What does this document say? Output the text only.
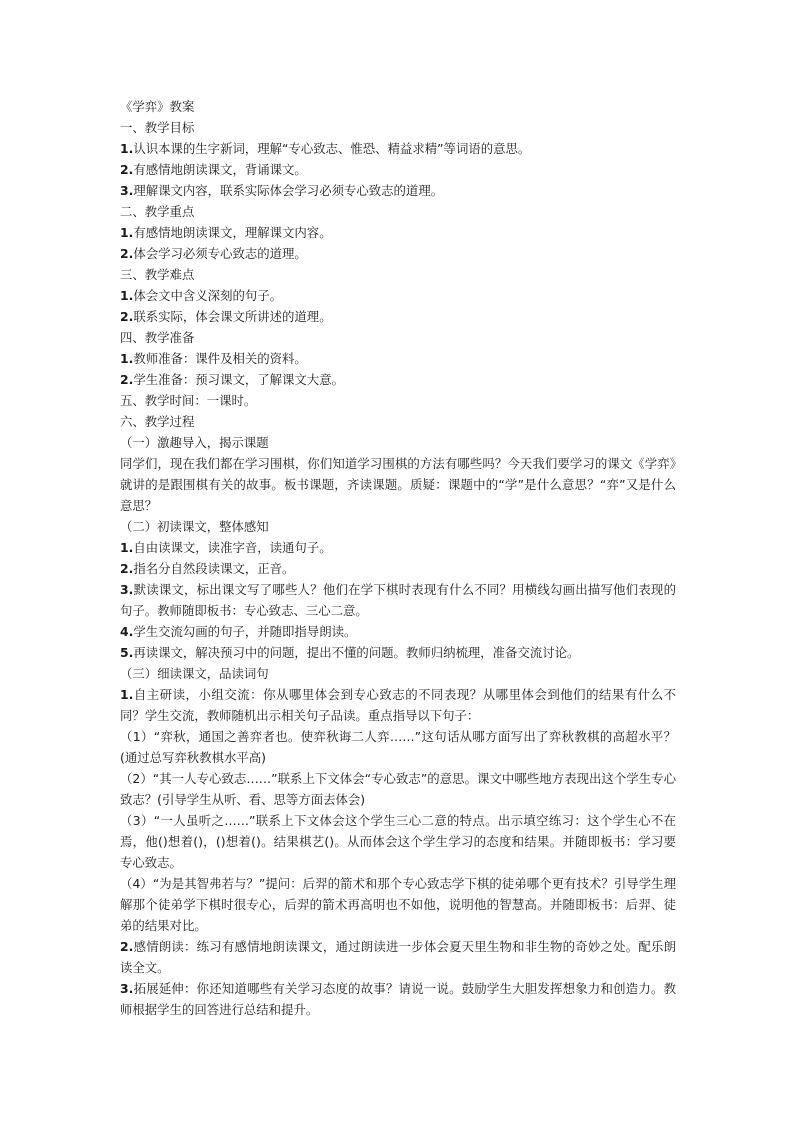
《学弈》教案

一、教学目标

1.认识本课的生字新词，理解“专心致志、惟恐、精益求精”等词语的意思。

2.有感情地朗读课文，背诵课文。

3.理解课文内容，联系实际体会学习必须专心致志的道理。

二、教学重点

1.有感情地朗读课文，理解课文内容。

2.体会学习必须专心致志的道理。

三、教学难点

1.体会文中含义深刻的句子。

2.联系实际，体会课文所讲述的道理。

四、教学准备

1.教师准备：课件及相关的资料。

2.学生准备：预习课文，了解课文大意。

五、教学时间：一课时。

六、教学过程

（一）激趣导入，揭示课题

同学们，现在我们都在学习围棋，你们知道学习围棋的方法有哪些吗？今天我们要学习的课文《学弈》就讲的是跟围棋有关的故事。板书课题，齐读课题。质疑：课题中的“学”是什么意思？“弈”又是什么意思？

（二）初读课文，整体感知

1.自由读课文，读准字音，读通句子。

2.指名分自然段读课文，正音。

3.默读课文，标出课文写了哪些人？他们在学下棋时表现有什么不同？用横线勾画出描写他们表现的句子。教师随即板书：专心致志、三心二意。

4.学生交流勾画的句子，并随即指导朗读。

5.再读课文，解决预习中的问题，提出不懂的问题。教师归纳梳理，准备交流讨论。

（三）细读课文，品读词句

1.自主研读，小组交流：你从哪里体会到专心致志的不同表现？从哪里体会到他们的结果有什么不同？学生交流，教师随机出示相关句子品读。重点指导以下句子：

（1）“弈秋，通国之善弈者也。使弈秋诲二人弈……”这句话从哪方面写出了弈秋教棋的高超水平？(通过总写弈秋教棋水平高)

（2）“其一人专心致志……”联系上下文体会“专心致志”的意思。课文中哪些地方表现出这个学生专心致志？(引导学生从听、看、思等方面去体会)

（3）“一人虽听之……”联系上下文体会这个学生三心二意的特点。出示填空练习：这个学生心不在焉，他()想着()，()想着()。结果棋艺()。从而体会这个学生学习的态度和结果。并随即板书：学习要专心致志。

（4）“为是其智弗若与？”提问：后羿的箭术和那个专心致志学下棋的徒弟哪个更有技术？引导学生理解那个徒弟学下棋时很专心，后羿的箭术再高明也不如他，说明他的智慧高。并随即板书：后羿、徒弟的结果对比。

2.感情朗读：练习有感情地朗读课文，通过朗读进一步体会夏天里生物和非生物的奇妙之处。配乐朗读全文。

3.拓展延伸：你还知道哪些有关学习态度的故事？请说一说。鼓励学生大胆发挥想象力和创造力。教师根据学生的回答进行总结和提升。
